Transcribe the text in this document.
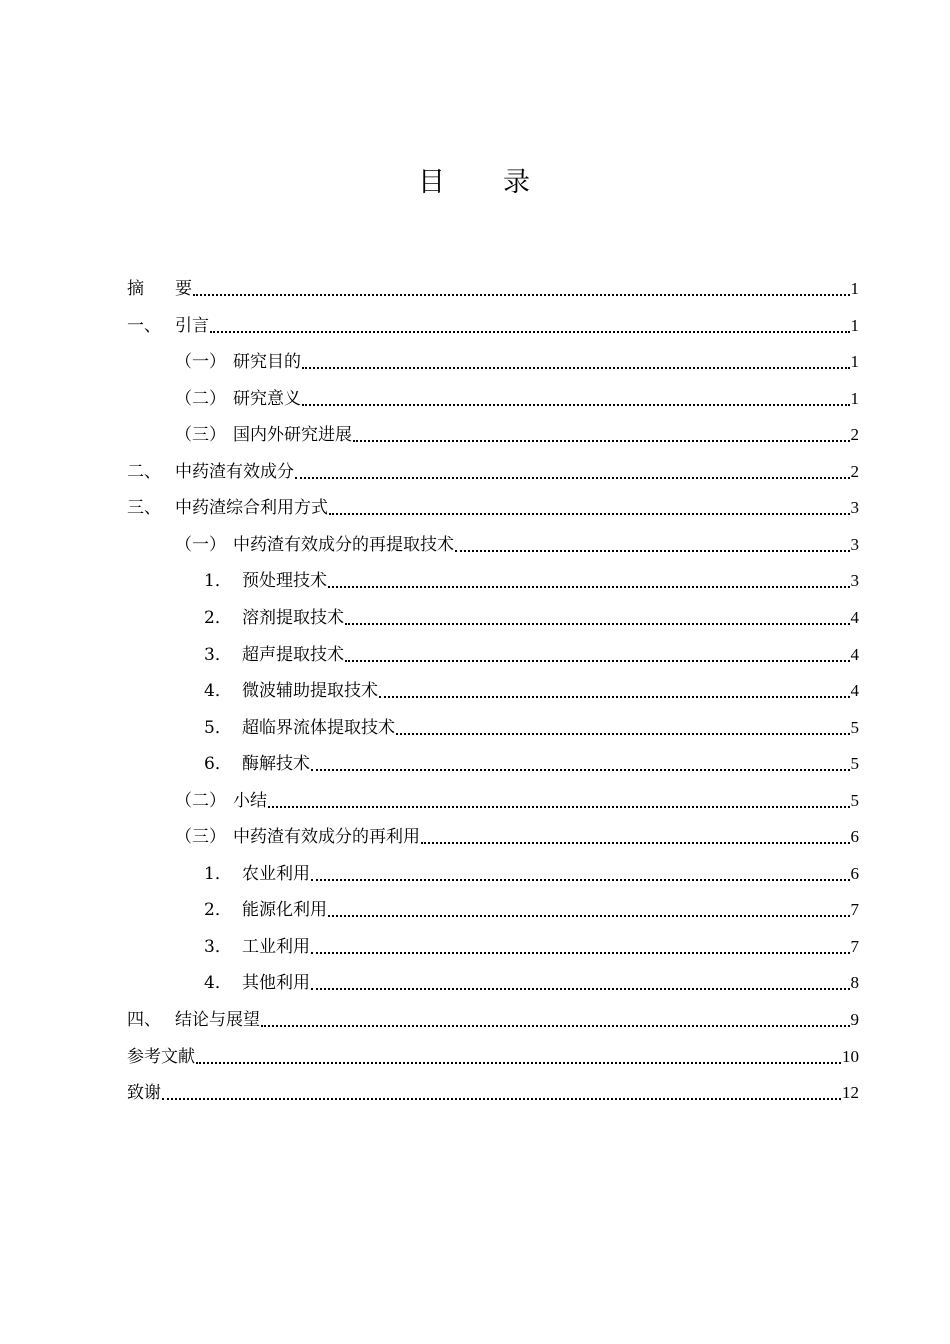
目 录
摘	要	1
一、 引言	1
（一） 研究目的	1
（二） 研究意义	1
（三） 国内外研究进展	2
二、 中药渣有效成分	2
三、 中药渣综合利用方式	3
（一） 中药渣有效成分的再提取技术	3
1． 预处理技术	3
2． 溶剂提取技术	4
3． 超声提取技术	4
4． 微波辅助提取技术	4
5． 超临界流体提取技术	5
6． 酶解技术	5
（二） 小结	5
（三） 中药渣有效成分的再利用	6
1． 农业利用	6
2． 能源化利用	7
3． 工业利用	7
4． 其他利用	8
四、 结论与展望	9
参考文献	10
致谢	12
